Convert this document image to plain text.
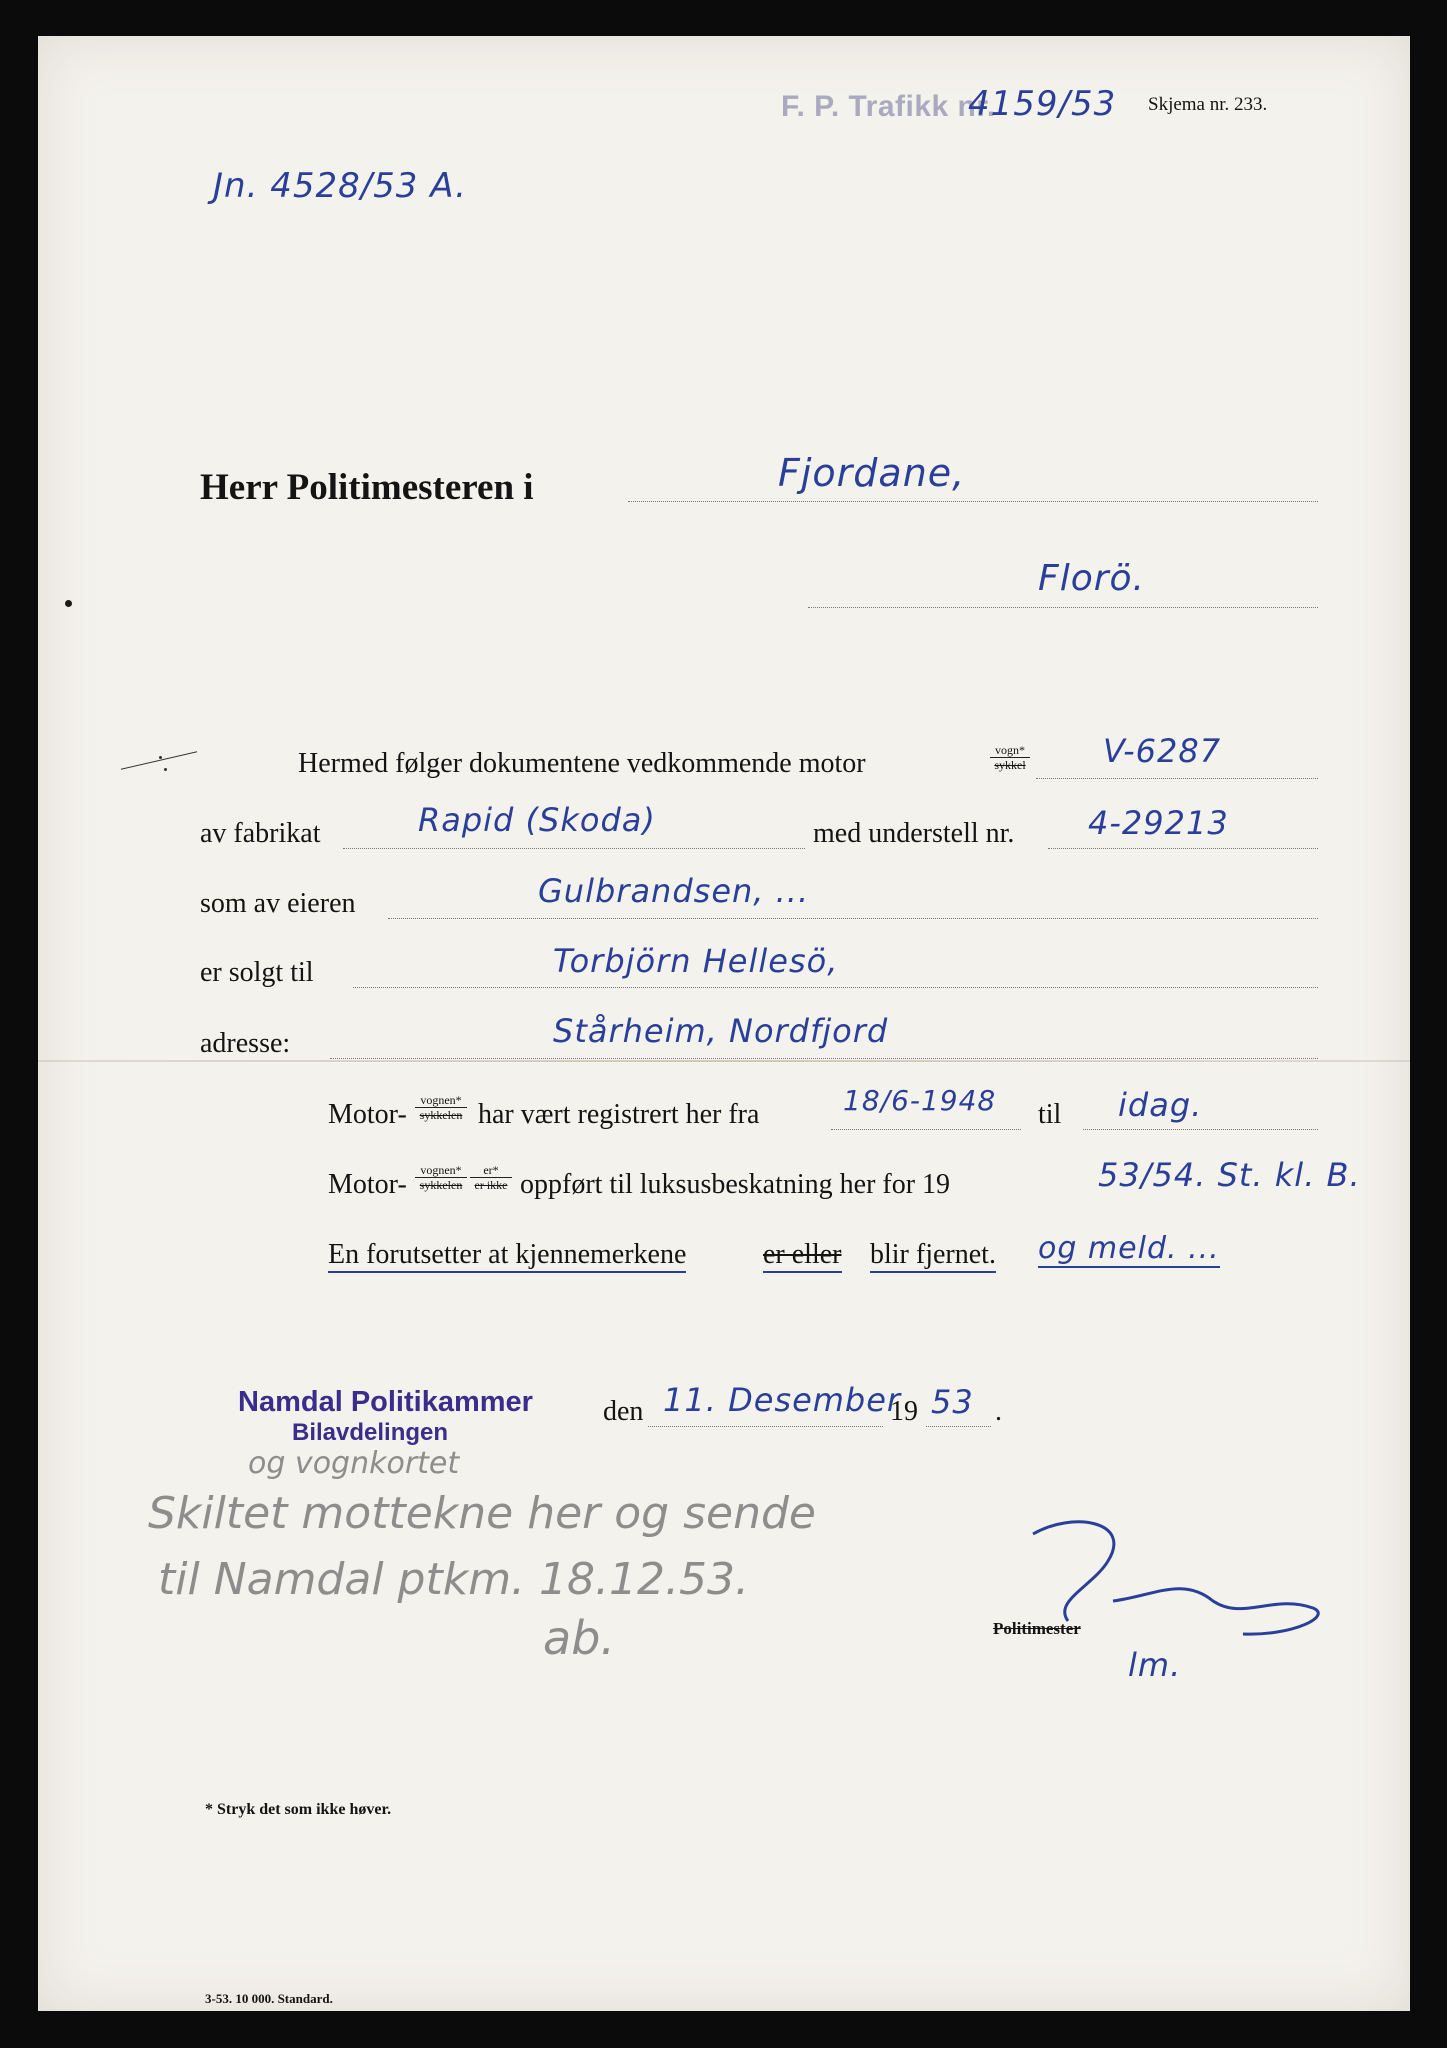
F. P. Trafikk nr.
4159/53 Skjema nr. 233.
Jn. 4528/53 A.
Herr Politimesteren i	Fjordane,
Florö.
Hermed følger dokumentene vedkommende motor	vogn*
sykkel V-6287
av fabrikat	Rapid (Skoda)	med understell nr. 4-29213
som av eieren	Gulbrandsen, ...
er solgt til	Torbjörn Hellesö,
adresse:	Stårheim, Nordfjord
Motor-	vognen*
sykkelen har vært registrert her fra	18/6-1948 til idag.
Motor-	vognen*
sykkelen
er*
er ikke oppført til luksusbeskatning her for 19	53/54. St. kl. B.
En forutsetter at kjennemerkene	er eller blir fjernet. og meld. ...
Namdal Politikammer
Bilavdelingen
den 11. Desember
19 53 .
og vognkortet
Skiltet mottekne her og sende
til Namdal ptkm. 18.12.53.
ab.	Politimester
lm.
* Stryk det som ikke høver.
3-53. 10 000. Standard.
